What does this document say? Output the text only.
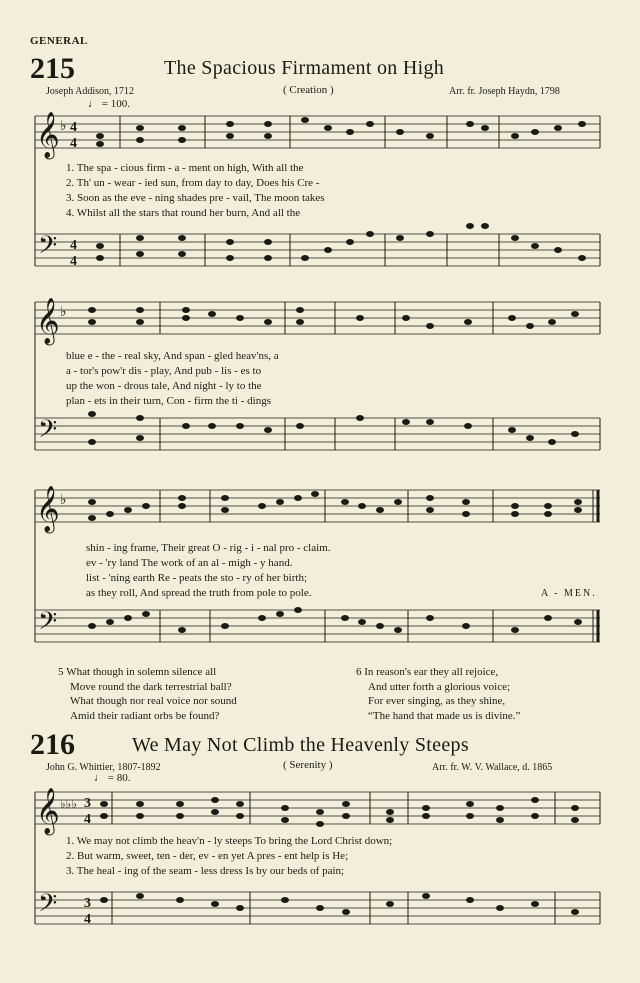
GENERAL
215	The Spacious Firmament on High
Joseph Addison, 1712	( Creation )	Arr. fr. Joseph Haydn, 1798
♩ = 100.
𝄞
𝄢
♭ 4
4
4
4
1. The spa - cious firm - a - ment on high, With all the
2. Th' un - wear - ied sun, from day to day, Does his Cre -
3. Soon as the eve - ning shades pre - vail, The moon takes
4. Whilst all the stars that round her burn, And all the
𝄞
𝄢
♭
blue e - the - real sky, And span - gled heav'ns, a
a - tor's pow'r dis - play, And pub - lis - es to
up the won - drous tale, And night - ly to the
plan - ets in their turn, Con - firm the ti - dings
𝄞
𝄢
♭
shin - ing frame, Their great O - rig - i - nal pro - claim.
ev - 'ry land The work of an al - migh - y hand.
list - 'ning earth Re - peats the sto - ry of her birth;
as they roll, And spread the truth from pole to pole.	A - MEN.
5 What though in solemn silence all
Move round the dark terrestrial ball?
What though nor real voice nor sound
Amid their radiant orbs be found?
6 In reason's ear they all rejoice,
And utter forth a glorious voice;
For ever singing, as they shine,
“The hand that made us is divine.”
216	We May Not Climb the Heavenly Steeps
John G. Whittier, 1807-1892	( Serenity )	Arr. fr. W. V. Wallace, d. 1865
♩ = 80.
𝄞
𝄢
♭♭♭ 3
4
3
4
1. We may not climb the heav'n - ly steeps To bring the Lord Christ down;
2. But warm, sweet, ten - der, ev - en yet A pres - ent help is He;
3. The heal - ing of the seam - less dress Is by our beds of pain;
